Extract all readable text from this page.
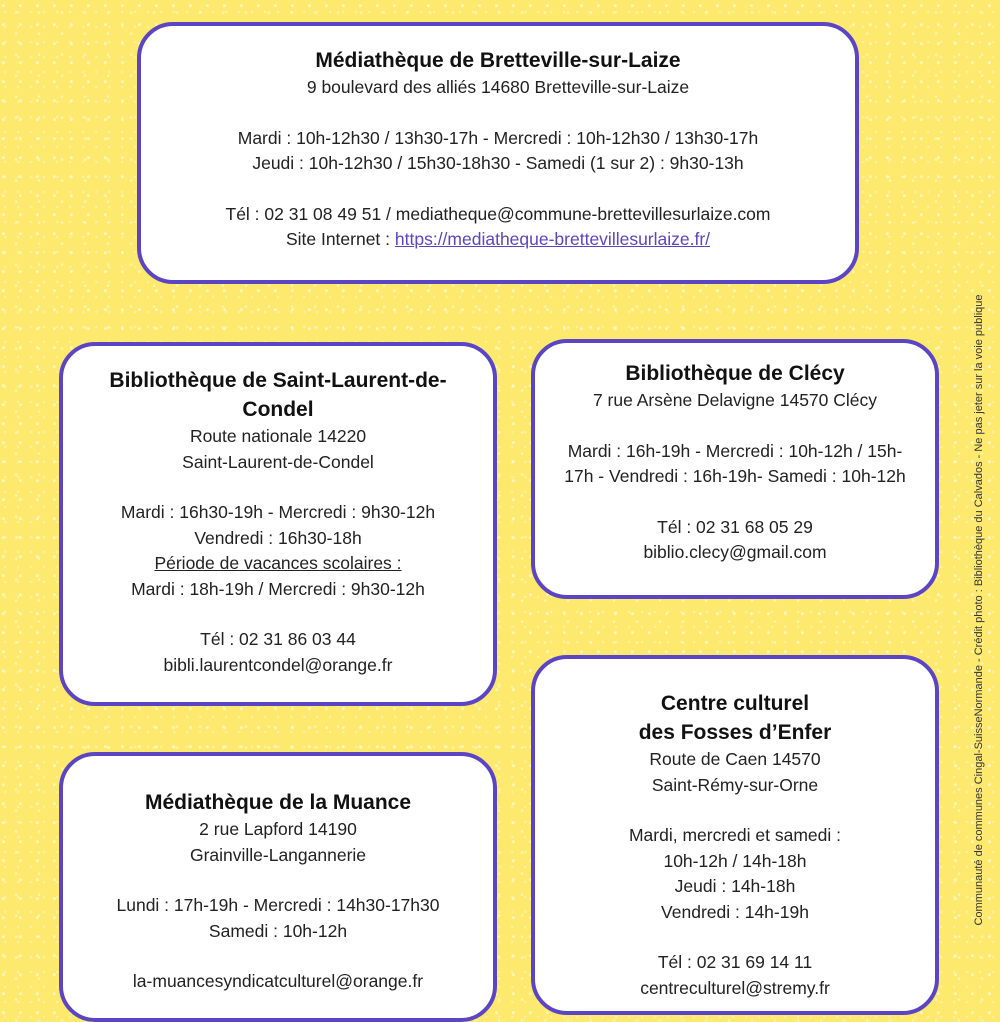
Médiathèque de Bretteville-sur-Laize
9 boulevard des alliés 14680 Bretteville-sur-Laize
Mardi : 10h-12h30 / 13h30-17h - Mercredi : 10h-12h30 / 13h30-17h
Jeudi : 10h-12h30 / 15h30-18h30 - Samedi (1 sur 2) : 9h30-13h
Tél : 02 31 08 49 51 / mediatheque@commune-brettevillesurlaize.com
Site Internet : https://mediatheque-brettevillesurlaize.fr/
Bibliothèque de Saint-Laurent-de-Condel
Route nationale 14220
Saint-Laurent-de-Condel
Mardi : 16h30-19h - Mercredi : 9h30-12h
Vendredi : 16h30-18h
Période de vacances scolaires :
Mardi : 18h-19h / Mercredi : 9h30-12h
Tél : 02 31 86 03 44
bibli.laurentcondel@orange.fr
Bibliothèque de Clécy
7 rue Arsène Delavigne 14570 Clécy
Mardi : 16h-19h - Mercredi : 10h-12h / 15h-
17h - Vendredi : 16h-19h- Samedi : 10h-12h
Tél : 02 31 68 05 29
biblio.clecy@gmail.com
Centre culturel
des Fosses d’Enfer
Route de Caen 14570
Saint-Rémy-sur-Orne
Mardi, mercredi et samedi :
10h-12h / 14h-18h
Jeudi : 14h-18h
Vendredi : 14h-19h
Tél : 02 31 69 14 11
centreculturel@stremy.fr
Médiathèque de la Muance
2 rue Lapford 14190
Grainville-Langannerie
Lundi : 17h-19h - Mercredi : 14h30-17h30
Samedi : 10h-12h
la-muancesyndicatculturel@orange.fr
Communauté de communes Cingal-SuisseNormande - Crédit photo : Bibliothèque du Calvados - Ne pas jeter sur la voie publique
